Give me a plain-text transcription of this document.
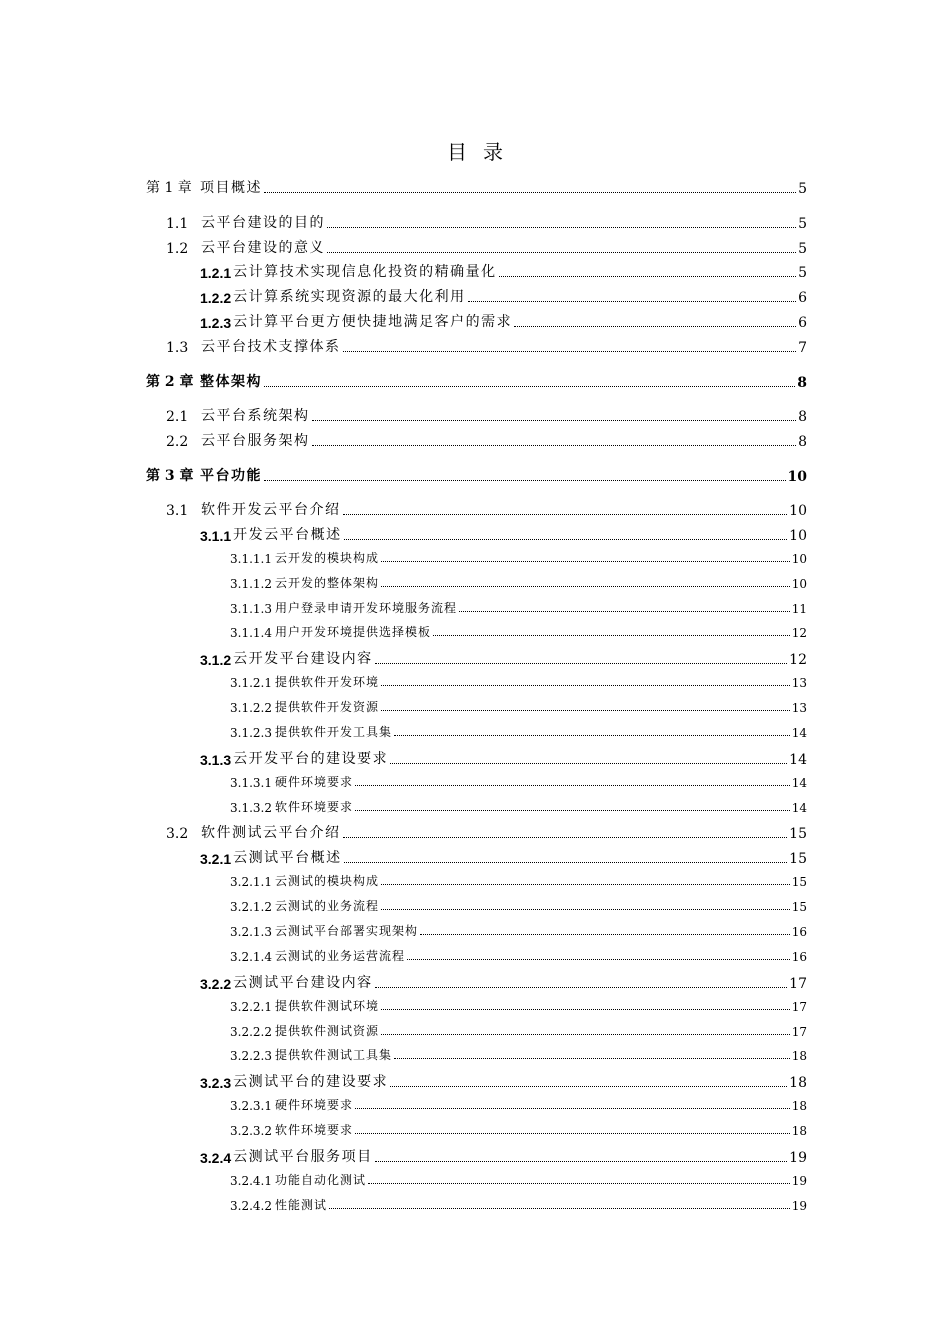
目录
第 1 章 项目概述	5
1.1 云平台建设的目的	5
1.2 云平台建设的意义	5
1.2.1 云计算技术实现信息化投资的精确量化	5
1.2.2 云计算系统实现资源的最大化利用	6
1.2.3 云计算平台更方便快捷地满足客户的需求	6
1.3 云平台技术支撑体系	7
第 2 章 整体架构	8
2.1 云平台系统架构	8
2.2 云平台服务架构	8
第 3 章 平台功能	10
3.1 软件开发云平台介绍	10
3.1.1 开发云平台概述	10
3.1.1.1 云开发的模块构成	10
3.1.1.2 云开发的整体架构	10
3.1.1.3 用户登录申请开发环境服务流程	11
3.1.1.4 用户开发环境提供选择模板	12
3.1.2 云开发平台建设内容	12
3.1.2.1 提供软件开发环境	13
3.1.2.2 提供软件开发资源	13
3.1.2.3 提供软件开发工具集	14
3.1.3 云开发平台的建设要求	14
3.1.3.1 硬件环境要求	14
3.1.3.2 软件环境要求	14
3.2 软件测试云平台介绍	15
3.2.1 云测试平台概述	15
3.2.1.1 云测试的模块构成	15
3.2.1.2 云测试的业务流程	15
3.2.1.3 云测试平台部署实现架构	16
3.2.1.4 云测试的业务运营流程	16
3.2.2 云测试平台建设内容	17
3.2.2.1 提供软件测试环境	17
3.2.2.2 提供软件测试资源	17
3.2.2.3 提供软件测试工具集	18
3.2.3 云测试平台的建设要求	18
3.2.3.1 硬件环境要求	18
3.2.3.2 软件环境要求	18
3.2.4 云测试平台服务项目	19
3.2.4.1 功能自动化测试	19
3.2.4.2 性能测试	19
